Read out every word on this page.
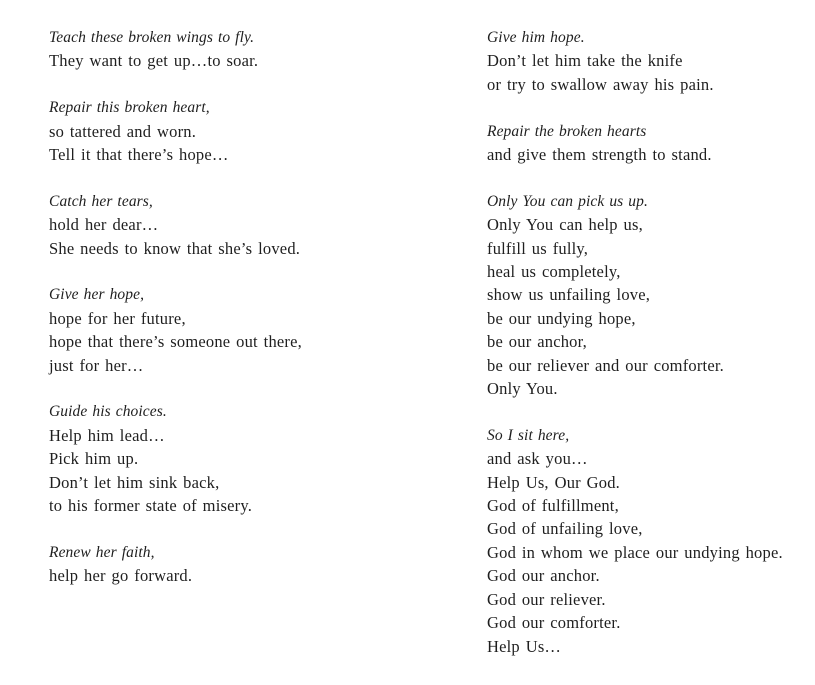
Teach these broken wings to fly.

They want to get up…to soar.

Repair this broken heart,

so tattered and worn.

Tell it that there’s hope…

Catch her tears,

hold her dear…

She needs to know that she’s loved.

Give her hope,

hope for her future,

hope that there’s someone out there,

just for her…

Guide his choices.

Help him lead…

Pick him up.

Don’t let him sink back,

to his former state of misery.

Renew her faith,

help her go forward.

Give him hope.

Don’t let him take the knife

or try to swallow away his pain.

Repair the broken hearts

and give them strength to stand.

Only You can pick us up.

Only You can help us,

fulfill us fully,

heal us completely,

show us unfailing love,

be our undying hope,

be our anchor,

be our reliever and our comforter.

Only You.

So I sit here,

and ask you…

Help Us, Our God.

God of fulfillment,

God of unfailing love,

God in whom we place our undying hope.

God our anchor.

God our reliever.

God our comforter.

Help Us…
